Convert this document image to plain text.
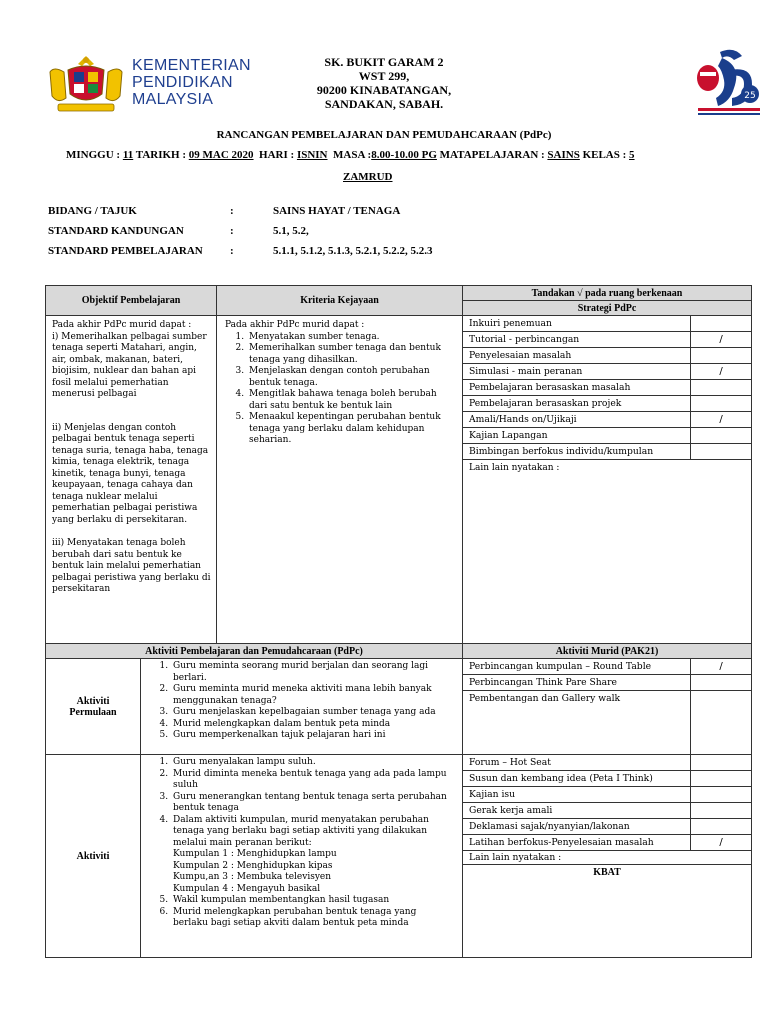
KEMENTERIAN
PENDIDIKAN
MALAYSIA
SK. BUKIT GARAM 2
WST 299,
90200 KINABATANGAN,
SANDAKAN, SABAH.
25
RANCANGAN PEMBELAJARAN DAN PEMUDAHCARAAN (PdPc)
MINGGU : 11 TARIKH : 09 MAC 2020 HARI : ISNIN MASA :8.00-10.00 PG MATAPELAJARAN : SAINS KELAS : 5
ZAMRUD
BIDANG / TAJUK	:	SAINS HAYAT / TENAGA
STANDARD KANDUNGAN	:	5.1, 5.2,
STANDARD PEMBELAJARAN :	5.1.1, 5.1.2, 5.1.3, 5.2.1, 5.2.2, 5.2.3
Objektif Pembelajaran	Kriteria Kejayaan
Tandakan √ pada ruang berkenaan
Strategi PdPc
Pada akhir PdPc murid dapat :
i) Memerihalkan pelbagai sumber tenaga seperti Matahari, angin, air, ombak, makanan, bateri, biojisim, nuklear dan bahan api fosil melalui pemerhatian menerusi pelbagai
ii) Menjelas dengan contoh pelbagai bentuk tenaga seperti tenaga suria, tenaga haba, tenaga kimia, tenaga elektrik, tenaga kinetik, tenaga bunyi, tenaga keupayaan, tenaga cahaya dan tenaga nuklear melalui pemerhatian pelbagai peristiwa yang berlaku di persekitaran.
iii) Menyatakan tenaga boleh berubah dari satu bentuk ke bentuk lain melalui pemerhatian pelbagai peristiwa yang berlaku di persekitaran
Pada akhir PdPc murid dapat :
1. Menyatakan sumber tenaga.
2. Memerihalkan sumber tenaga dan bentuk tenaga yang dihasilkan.
3. Menjelaskan dengan contoh perubahan bentuk tenaga.
4. Mengitlak bahawa tenaga boleh berubah dari satu bentuk ke bentuk lain
5. Menaakul kepentingan perubahan bentuk tenaga yang berlaku dalam kehidupan seharian.
Inkuiri penemuan
Tutorial - perbincangan	/
Penyelesaian masalah
Simulasi - main peranan	/
Pembelajaran berasaskan masalah
Pembelajaran berasaskan projek
Amali/Hands on/Ujikaji	/
Kajian Lapangan
Bimbingan berfokus individu/kumpulan
Lain lain nyatakan :
Aktiviti Pembelajaran dan Pemudahcaraan (PdPc)	Aktiviti Murid (PAK21)
Aktiviti
Permulaan
1. Guru meminta seorang murid berjalan dan seorang lagi berlari.
2. Guru meminta murid meneka aktiviti mana lebih banyak menggunakan tenaga?
3. Guru menjelaskan kepelbagaian sumber tenaga yang ada
4. Murid melengkapkan dalam bentuk peta minda
5. Guru memperkenalkan tajuk pelajaran hari ini
Perbincangan kumpulan – Round Table	/
Perbincangan Think Pare Share
Pembentangan dan Gallery walk
Aktiviti
1. Guru menyalakan lampu suluh.
2. Murid diminta meneka bentuk tenaga yang ada pada lampu suluh
3. Guru menerangkan tentang bentuk tenaga serta perubahan bentuk tenaga
4. Dalam aktiviti kumpulan, murid menyatakan perubahan tenaga yang berlaku bagi setiap aktiviti yang dilakukan melalui main peranan berikut:
Kumpulan 1 : Menghidupkan lampu
Kumpulan 2 : Menghidupkan kipas
Kumpu,an 3 : Membuka televisyen
Kumpulan 4 : Mengayuh basikal
5. Wakil kumpulan membentangkan hasil tugasan
6. Murid melengkapkan perubahan bentuk tenaga yang berlaku bagi setiap akviti dalam bentuk peta minda
Forum – Hot Seat
Susun dan kembang idea (Peta I Think)
Kajian isu
Gerak kerja amali
Deklamasi sajak/nyanyian/lakonan
Latihan berfokus-Penyelesaian masalah	/
Lain lain nyatakan :
KBAT
